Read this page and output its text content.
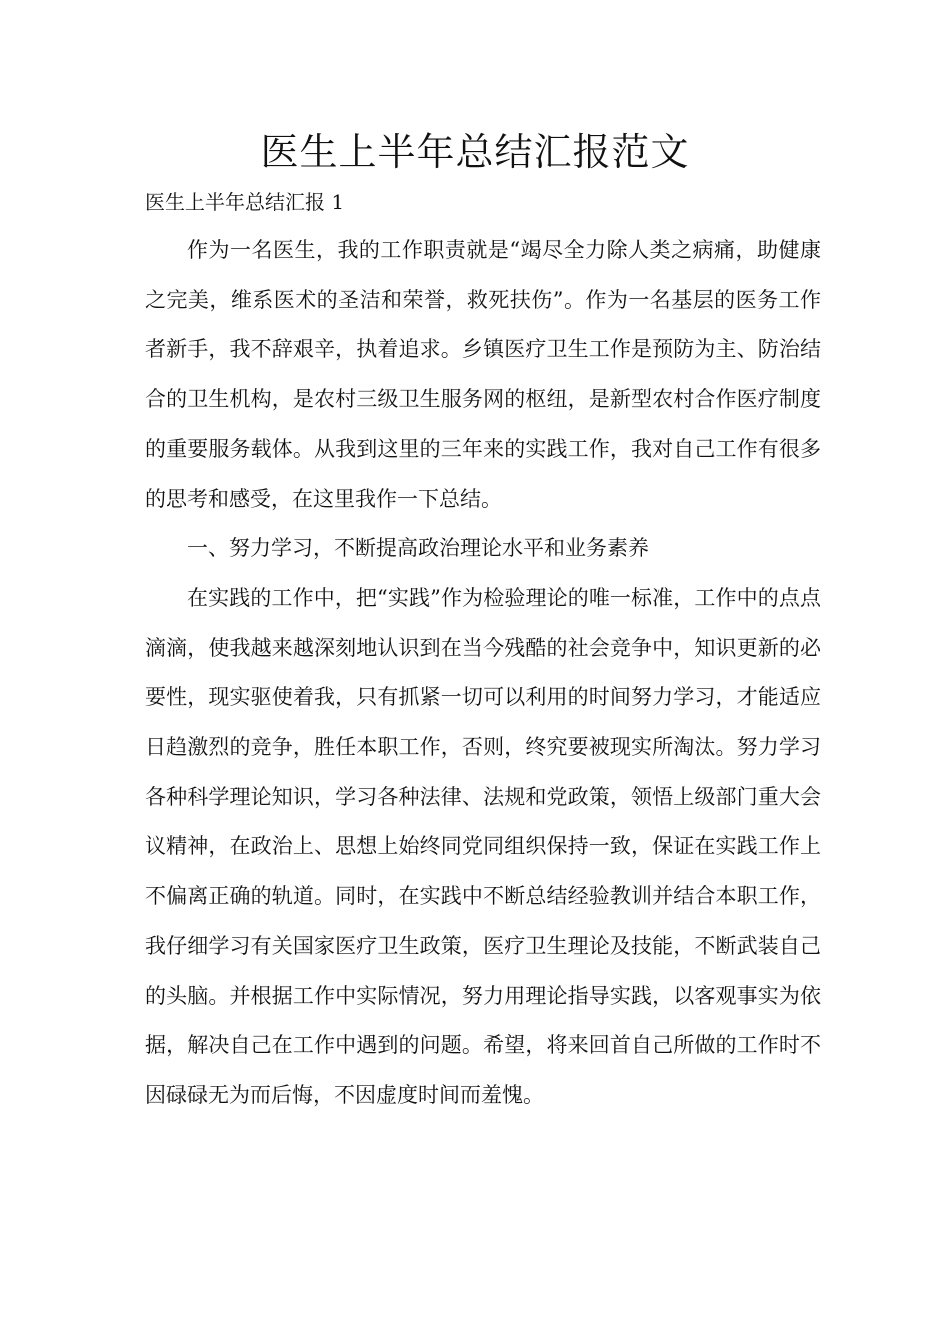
医生上半年总结汇报范文

医生上半年总结汇报 1

作为一名医生，我的工作职责就是“竭尽全力除人类之病痛，助健康之完美，维系医术的圣洁和荣誉，救死扶伤”。作为一名基层的医务工作者新手，我不辞艰辛，执着追求。乡镇医疗卫生工作是预防为主、防治结合的卫生机构，是农村三级卫生服务网的枢纽，是新型农村合作医疗制度的重要服务载体。从我到这里的三年来的实践工作，我对自己工作有很多的思考和感受，在这里我作一下总结。

一、努力学习，不断提高政治理论水平和业务素养

在实践的工作中，把“实践”作为检验理论的唯一标准，工作中的点点滴滴，使我越来越深刻地认识到在当今残酷的社会竞争中，知识更新的必要性，现实驱使着我，只有抓紧一切可以利用的时间努力学习，才能适应日趋激烈的竞争，胜任本职工作，否则，终究要被现实所淘汰。努力学习各种科学理论知识，学习各种法律、法规和党政策，领悟上级部门重大会议精神，在政治上、思想上始终同党同组织保持一致，保证在实践工作上不偏离正确的轨道。同时，在实践中不断总结经验教训并结合本职工作，我仔细学习有关国家医疗卫生政策，医疗卫生理论及技能，不断武装自己的头脑。并根据工作中实际情况，努力用理论指导实践，以客观事实为依据，解决自己在工作中遇到的问题。希望，将来回首自己所做的工作时不因碌碌无为而后悔，不因虚度时间而羞愧。
